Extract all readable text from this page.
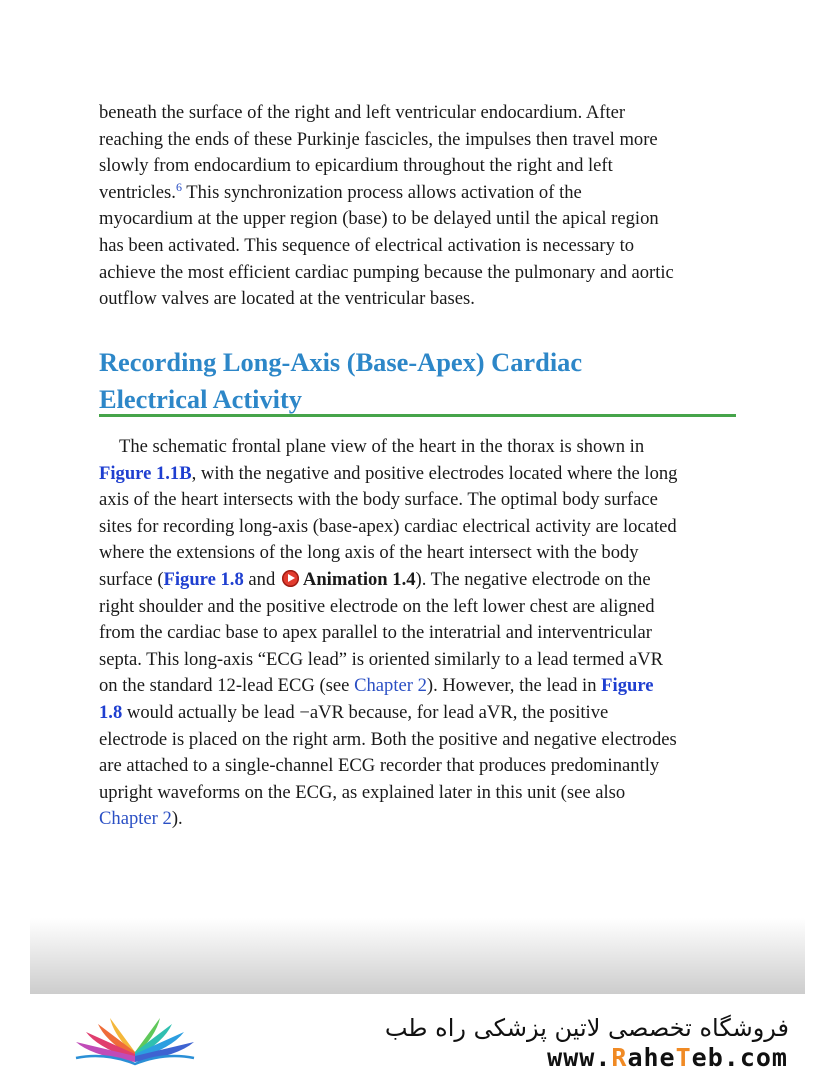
beneath the surface of the right and left ventricular endocardium. After
reaching the ends of these Purkinje fascicles, the impulses then travel more
slowly from endocardium to epicardium throughout the right and left
ventricles.$^6$ This synchronization process allows activation of the
myocardium at the upper region (base) to be delayed until the apical region
has been activated. This sequence of electrical activation is necessary to
achieve the most efficient cardiac pumping because the pulmonary and aortic
outflow valves are located at the ventricular bases.
Recording Long-Axis (Base-Apex) Cardiac
Electrical Activity
The schematic frontal plane view of the heart in the thorax is shown in
Figure 1.1B, with the negative and positive electrodes located where the long
axis of the heart intersects with the body surface. The optimal body surface
sites for recording long-axis (base-apex) cardiac electrical activity are located
where the extensions of the long axis of the heart intersect with the body
surface (Figure 1.8 and Animation 1.4). The negative electrode on the
right shoulder and the positive electrode on the left lower chest are aligned
from the cardiac base to apex parallel to the interatrial and interventricular
septa. This long-axis “ECG lead” is oriented similarly to a lead termed aVR
on the standard 12-lead ECG (see Chapter 2). However, the lead in Figure
1.8 would actually be lead −aVR because, for lead aVR, the positive
electrode is placed on the right arm. Both the positive and negative electrodes
are attached to a single-channel ECG recorder that produces predominantly
upright waveforms on the ECG, as explained later in this unit (see also
Chapter 2).
فروشگاه تخصصی لاتین پزشکی راه طب
www.RaheTeb.com
